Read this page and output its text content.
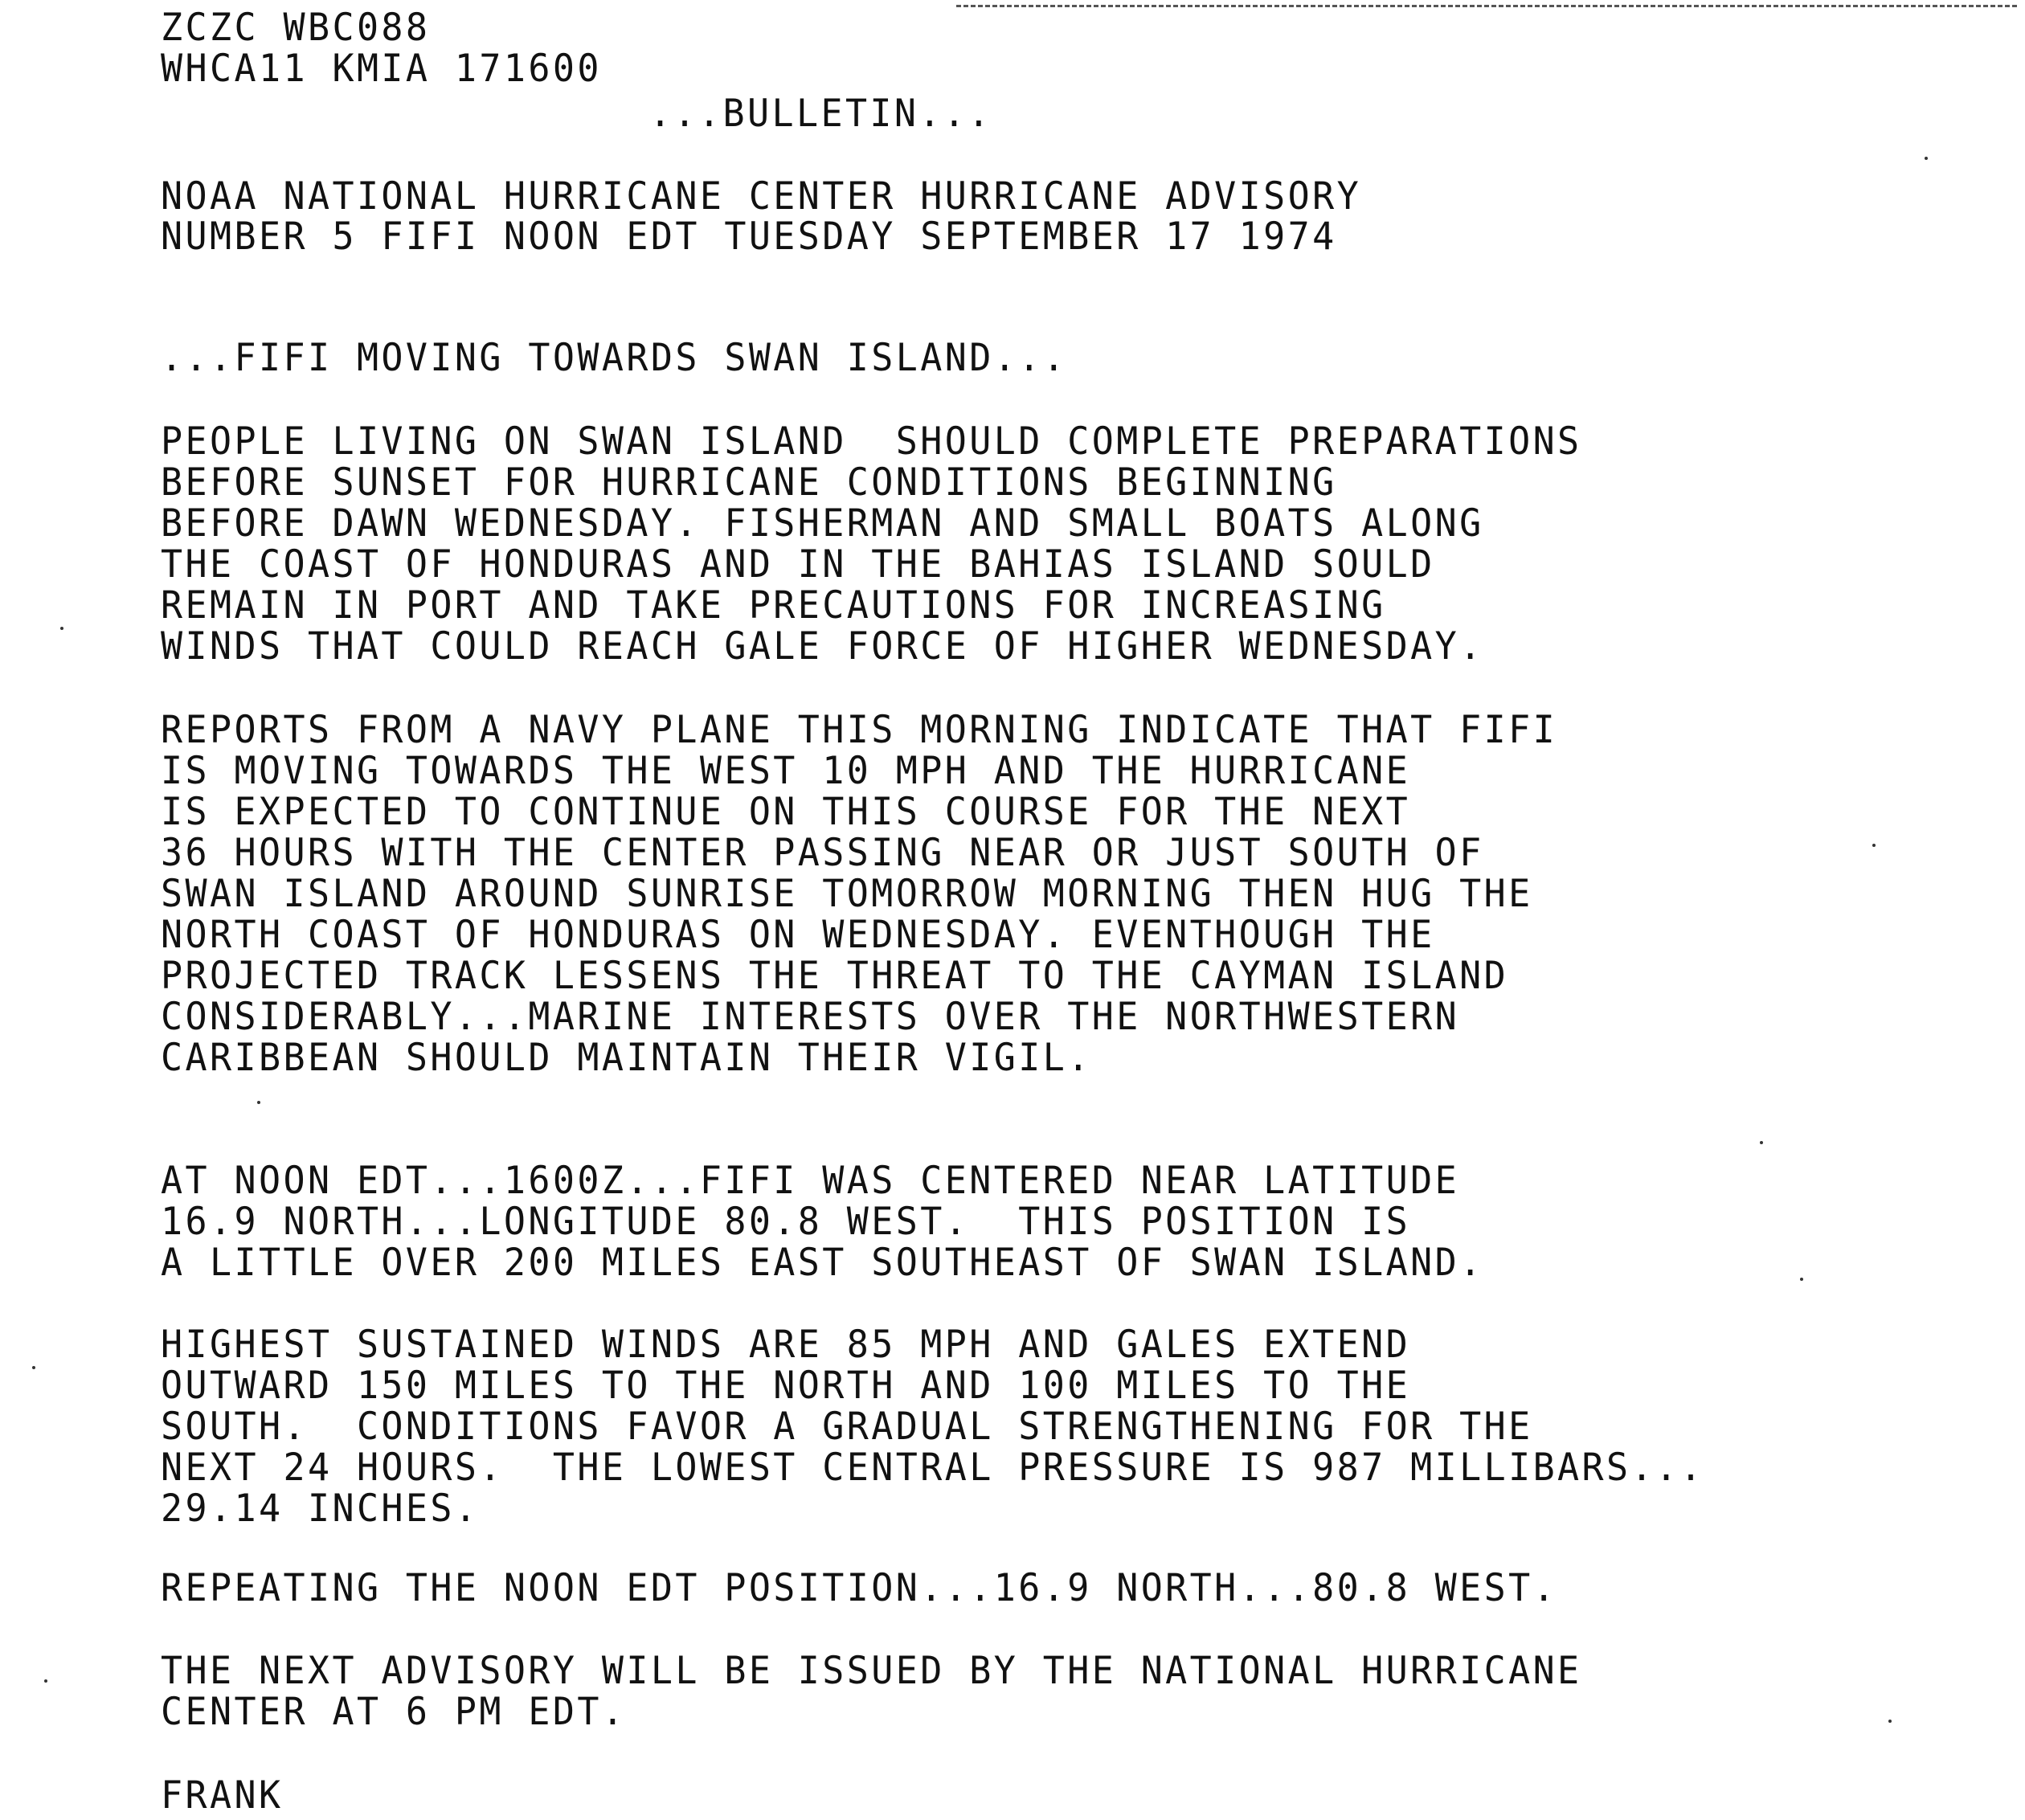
ZCZC WBC088

WHCA11 KMIA 171600

...BULLETIN...

NOAA NATIONAL HURRICANE CENTER HURRICANE ADVISORY

NUMBER 5 FIFI NOON EDT TUESDAY SEPTEMBER 17 1974

...FIFI MOVING TOWARDS SWAN ISLAND...

PEOPLE LIVING ON SWAN ISLAND  SHOULD COMPLETE PREPARATIONS

BEFORE SUNSET FOR HURRICANE CONDITIONS BEGINNING

BEFORE DAWN WEDNESDAY. FISHERMAN AND SMALL BOATS ALONG

THE COAST OF HONDURAS AND IN THE BAHIAS ISLAND SOULD

REMAIN IN PORT AND TAKE PRECAUTIONS FOR INCREASING

WINDS THAT COULD REACH GALE FORCE OF HIGHER WEDNESDAY.

REPORTS FROM A NAVY PLANE THIS MORNING INDICATE THAT FIFI

IS MOVING TOWARDS THE WEST 10 MPH AND THE HURRICANE

IS EXPECTED TO CONTINUE ON THIS COURSE FOR THE NEXT

36 HOURS WITH THE CENTER PASSING NEAR OR JUST SOUTH OF

SWAN ISLAND AROUND SUNRISE TOMORROW MORNING THEN HUG THE

NORTH COAST OF HONDURAS ON WEDNESDAY. EVENTHOUGH THE

PROJECTED TRACK LESSENS THE THREAT TO THE CAYMAN ISLAND

CONSIDERABLY...MARINE INTERESTS OVER THE NORTHWESTERN

CARIBBEAN SHOULD MAINTAIN THEIR VIGIL.

AT NOON EDT...1600Z...FIFI WAS CENTERED NEAR LATITUDE

16.9 NORTH...LONGITUDE 80.8 WEST.  THIS POSITION IS

A LITTLE OVER 200 MILES EAST SOUTHEAST OF SWAN ISLAND.

HIGHEST SUSTAINED WINDS ARE 85 MPH AND GALES EXTEND

OUTWARD 150 MILES TO THE NORTH AND 100 MILES TO THE

SOUTH.  CONDITIONS FAVOR A GRADUAL STRENGTHENING FOR THE

NEXT 24 HOURS.  THE LOWEST CENTRAL PRESSURE IS 987 MILLIBARS...

29.14 INCHES.

REPEATING THE NOON EDT POSITION...16.9 NORTH...80.8 WEST.

THE NEXT ADVISORY WILL BE ISSUED BY THE NATIONAL HURRICANE

CENTER AT 6 PM EDT.

FRANK
